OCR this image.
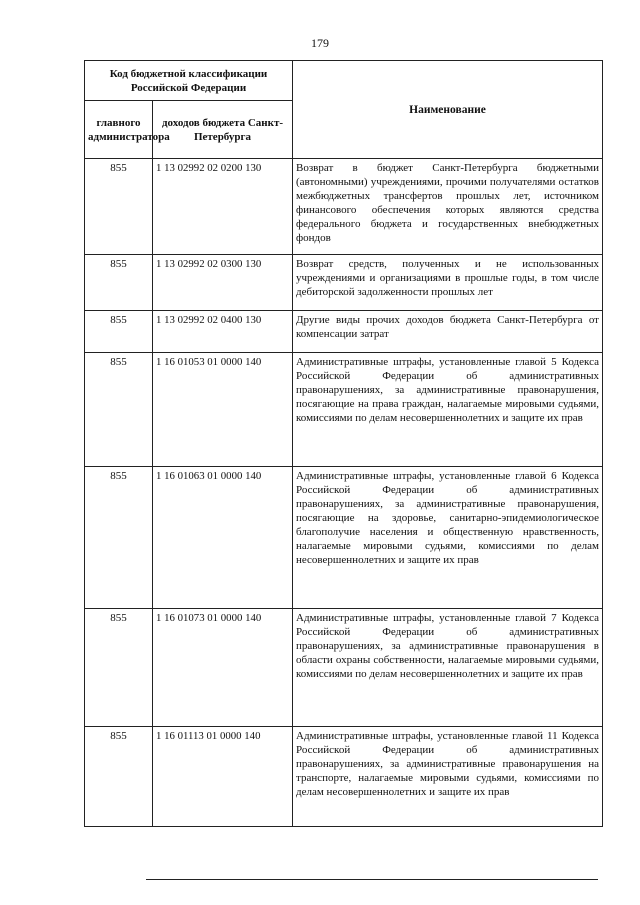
179
Код бюджетной классификации Российской Федерации		Наименование
главного администратора	доходов бюджета Санкт-Петербурга	
855	1 13 02992 02 0200 130	Возврат в бюджет Санкт-Петербурга бюджетными (автономными) учреждениями, прочими получателями остатков межбюджетных трансфертов прошлых лет, источником финансового обеспечения которых являются средства федерального бюджета и государственных внебюджетных фондов
855	1 13 02992 02 0300 130	Возврат средств, полученных и не использованных учреждениями и организациями в прошлые годы, в том числе дебиторской задолженности прошлых лет
855	1 13 02992 02 0400 130	Другие виды прочих доходов бюджета Санкт-Петербурга от компенсации затрат
855	1 16 01053 01 0000 140	Административные штрафы, установленные главой 5 Кодекса Российской Федерации об административных правонарушениях, за административные правонарушения, посягающие на права граждан, налагаемые мировыми судьями, комиссиями по делам несовершеннолетних и защите их прав
855	1 16 01063 01 0000 140	Административные штрафы, установленные главой 6 Кодекса Российской Федерации об административных правонарушениях, за административные правонарушения, посягающие на здоровье, санитарно-эпидемиологическое благополучие населения и общественную нравственность, налагаемые мировыми судьями, комиссиями по делам несовершеннолетних и защите их прав
855	1 16 01073 01 0000 140	Административные штрафы, установленные главой 7 Кодекса Российской Федерации об административных правонарушениях, за административные правонарушения в области охраны собственности, налагаемые мировыми судьями, комиссиями по делам несовершеннолетних и защите их прав
855	1 16 01113 01 0000 140	Административные штрафы, установленные главой 11 Кодекса Российской Федерации об административных правонарушениях, за административные правонарушения на транспорте, налагаемые мировыми судьями, комиссиями по делам несовершеннолетних и защите их прав
